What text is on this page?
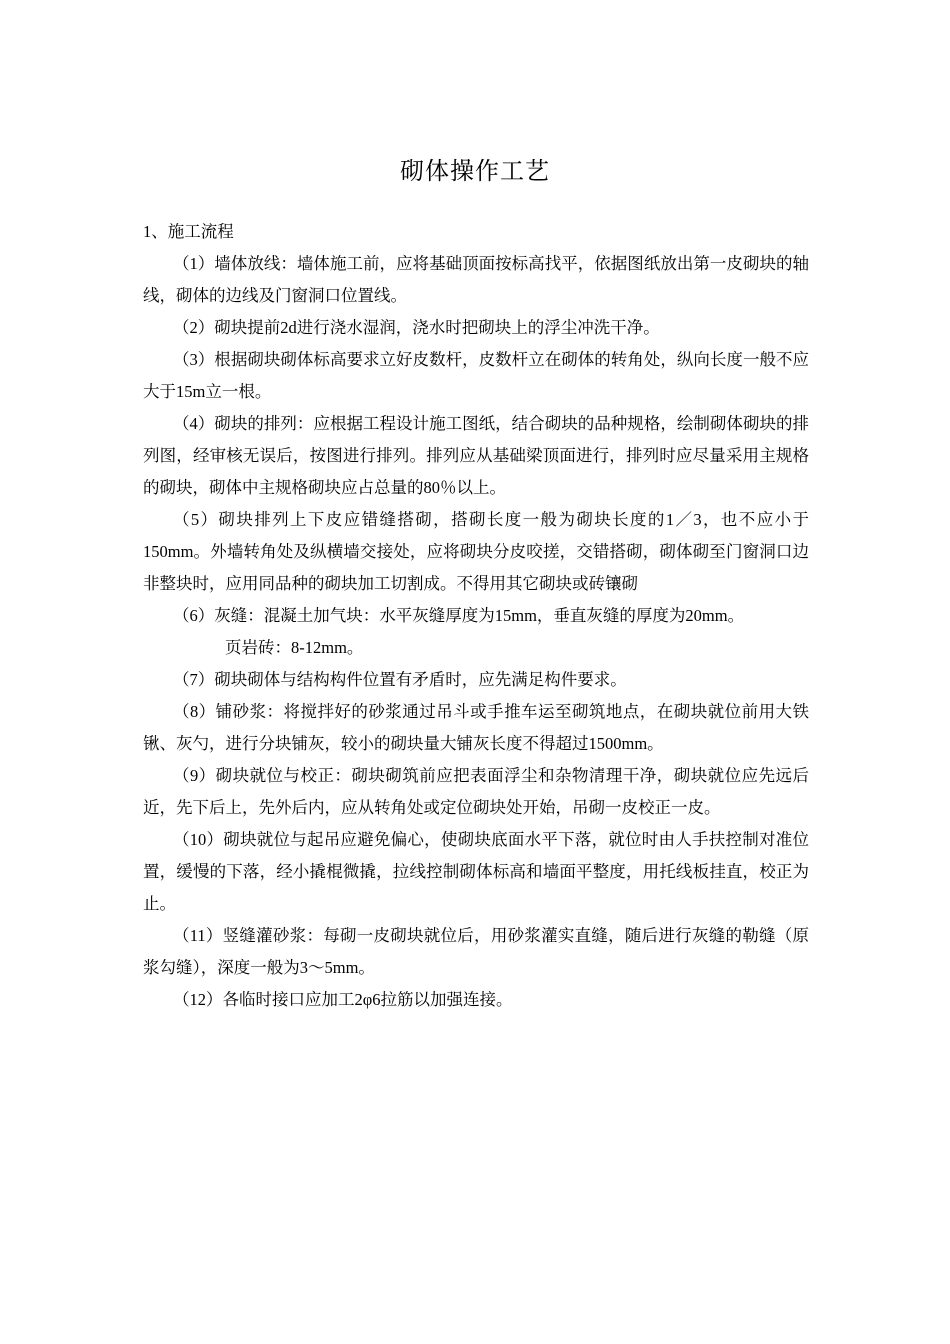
砌体操作工艺

1、施工流程

（1）墙体放线：墙体施工前，应将基础顶面按标高找平，依据图纸放出第一皮砌块的轴线，砌体的边线及门窗洞口位置线。

（2）砌块提前2d进行浇水湿润，浇水时把砌块上的浮尘冲洗干净。

（3）根据砌块砌体标高要求立好皮数杆，皮数杆立在砌体的转角处，纵向长度一般不应大于15m立一根。

（4）砌块的排列：应根据工程设计施工图纸，结合砌块的品种规格，绘制砌体砌块的排列图，经审核无误后，按图进行排列。排列应从基础梁顶面进行，排列时应尽量采用主规格的砌块，砌体中主规格砌块应占总量的80％以上。

（5）砌块排列上下皮应错缝搭砌，搭砌长度一般为砌块长度的1／3，也不应小于150mm。外墙转角处及纵横墙交接处，应将砌块分皮咬搓，交错搭砌，砌体砌至门窗洞口边非整块时，应用同品种的砌块加工切割成。不得用其它砌块或砖镶砌

（6）灰缝：混凝土加气块：水平灰缝厚度为15mm，垂直灰缝的厚度为20mm。

页岩砖：8-12mm。

（7）砌块砌体与结构构件位置有矛盾时，应先满足构件要求。

（8）铺砂浆：将搅拌好的砂浆通过吊斗或手推车运至砌筑地点，在砌块就位前用大铁锹、灰勺，进行分块铺灰，较小的砌块量大铺灰长度不得超过1500mm。

（9）砌块就位与校正：砌块砌筑前应把表面浮尘和杂物清理干净，砌块就位应先远后近，先下后上，先外后内，应从转角处或定位砌块处开始，吊砌一皮校正一皮。

（10）砌块就位与起吊应避免偏心，使砌块底面水平下落，就位时由人手扶控制对准位置，缓慢的下落，经小撬棍微撬，拉线控制砌体标高和墙面平整度，用托线板挂直，校正为止。

（11）竖缝灌砂浆：每砌一皮砌块就位后，用砂浆灌实直缝，随后进行灰缝的勒缝（原浆勾缝），深度一般为3～5mm。

（12）各临时接口应加工2φ6拉筋以加强连接。
